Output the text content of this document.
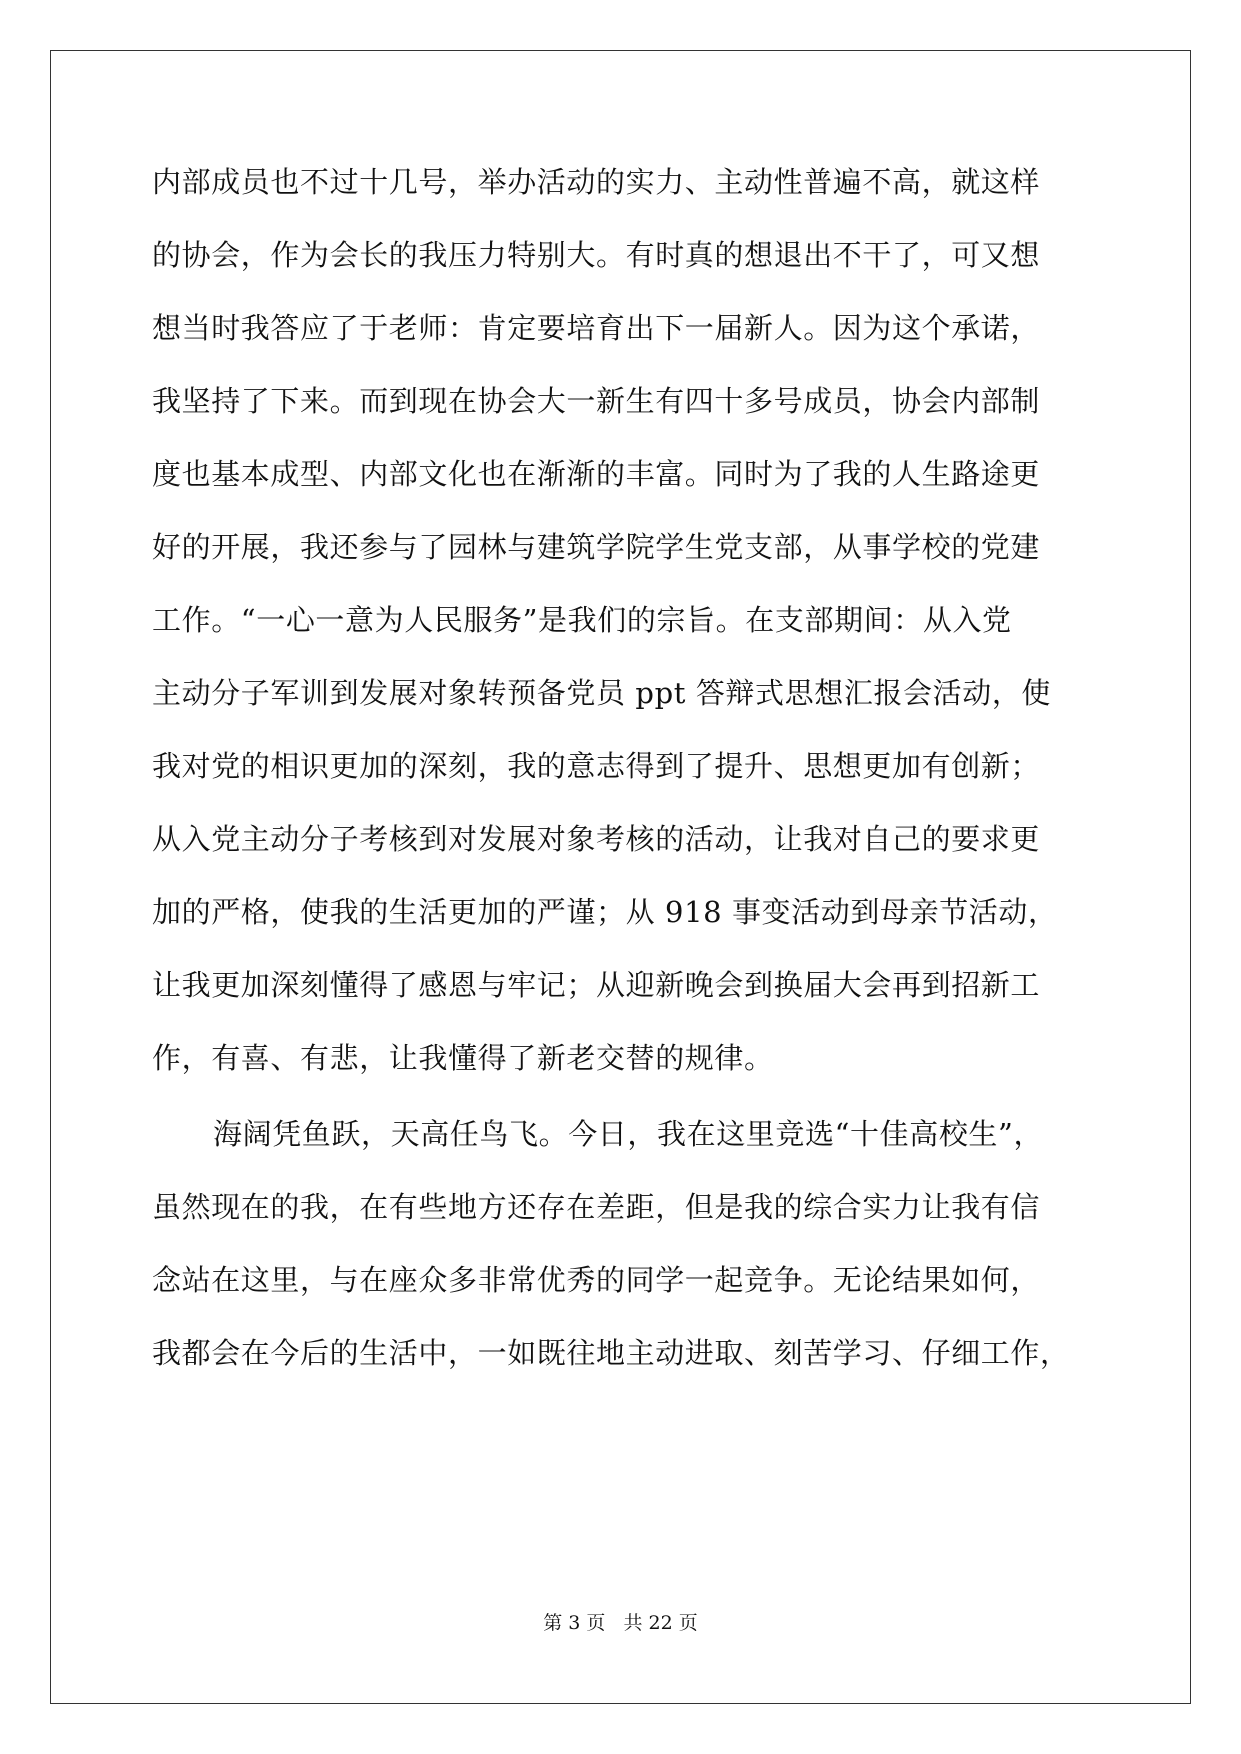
内部成员也不过十几号，举办活动的实力、主动性普遍不高，就这样
的协会，作为会长的我压力特别大。有时真的想退出不干了，可又想
想当时我答应了于老师：肯定要培育出下一届新人。因为这个承诺，
我坚持了下来。而到现在协会大一新生有四十多号成员，协会内部制
度也基本成型、内部文化也在渐渐的丰富。同时为了我的人生路途更
好的开展，我还参与了园林与建筑学院学生党支部，从事学校的党建
工作。“一心一意为人民服务”是我们的宗旨。在支部期间：从入党
主动分子军训到发展对象转预备党员 ppt 答辩式思想汇报会活动，使
我对党的相识更加的深刻，我的意志得到了提升、思想更加有创新；
从入党主动分子考核到对发展对象考核的活动，让我对自己的要求更
加的严格，使我的生活更加的严谨；从 918 事变活动到母亲节活动，
让我更加深刻懂得了感恩与牢记；从迎新晚会到换届大会再到招新工
作，有喜、有悲，让我懂得了新老交替的规律。
海阔凭鱼跃，天高任鸟飞。今日，我在这里竞选“十佳高校生”，
虽然现在的我，在有些地方还存在差距，但是我的综合实力让我有信
念站在这里，与在座众多非常优秀的同学一起竞争。无论结果如何，
我都会在今后的生活中，一如既往地主动进取、刻苦学习、仔细工作，
第 3 页   共 22 页
